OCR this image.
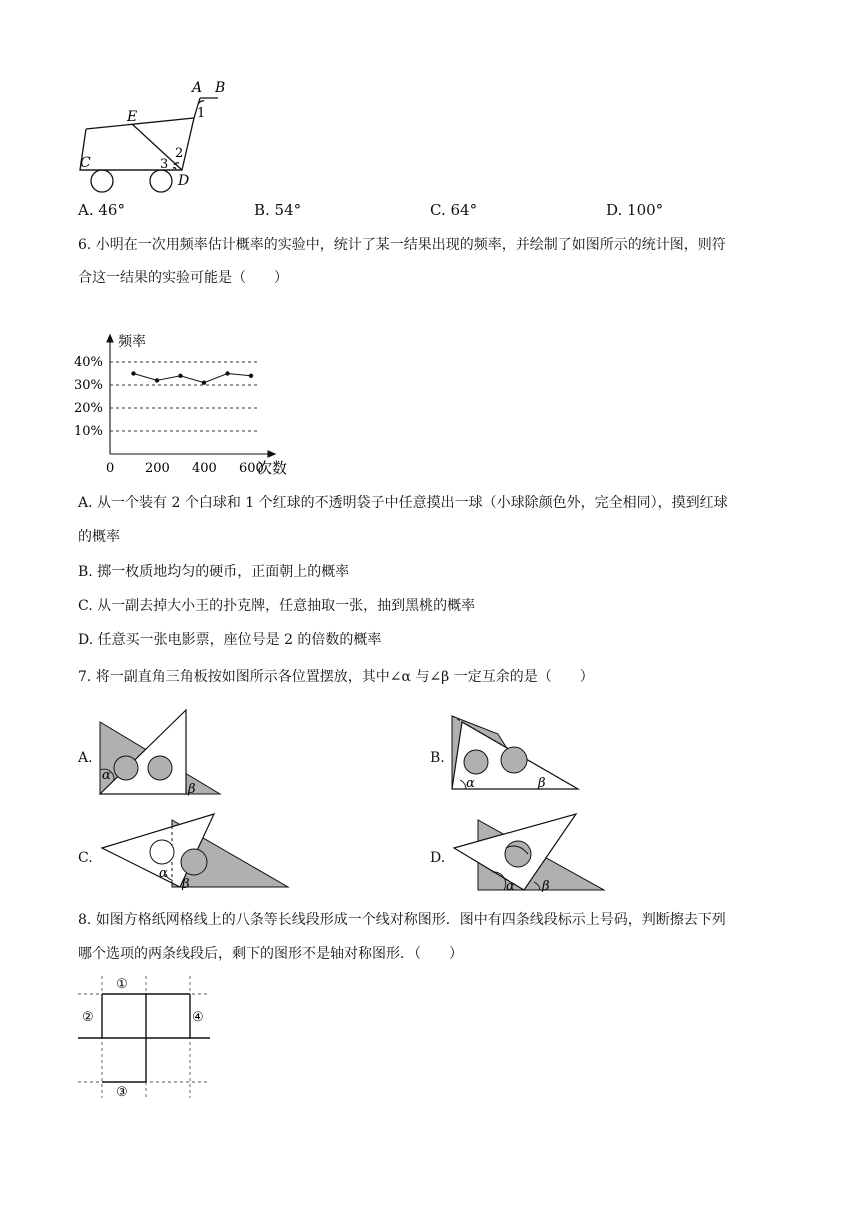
A B
1
E
2
3
C
D
A. 46°	B. 54°	C. 64°	D. 100°
6. 小明在一次用频率估计概率的实验中，统计了某一结果出现的频率，并绘制了如图所示的统计图，则符
合这一结果的实验可能是（　　）
频率
次数
10%
20%
30%
40%
0 200 400 600
A. 从一个装有 2 个白球和 1 个红球的不透明袋子中任意摸出一球（小球除颜色外，完全相同），摸到红球
的概率
B. 掷一枚质地均匀的硬币，正面朝上的概率
C. 从一副去掉大小王的扑克牌，任意抽取一张，抽到黑桃的概率
D. 任意买一张电影票，座位号是 2 的倍数的概率
7. 将一副直角三角板按如图所示各位置摆放，其中∠α 与∠β 一定互余的是（　　）
A.
α
β
B.
α	β
C.
α
β
D.
α β
8. 如图方格纸网格线上的八条等长线段形成一个线对称图形．图中有四条线段标示上号码，判断擦去下列
哪个选项的两条线段后，剩下的图形不是轴对称图形．（　　）
①
②	④
③
